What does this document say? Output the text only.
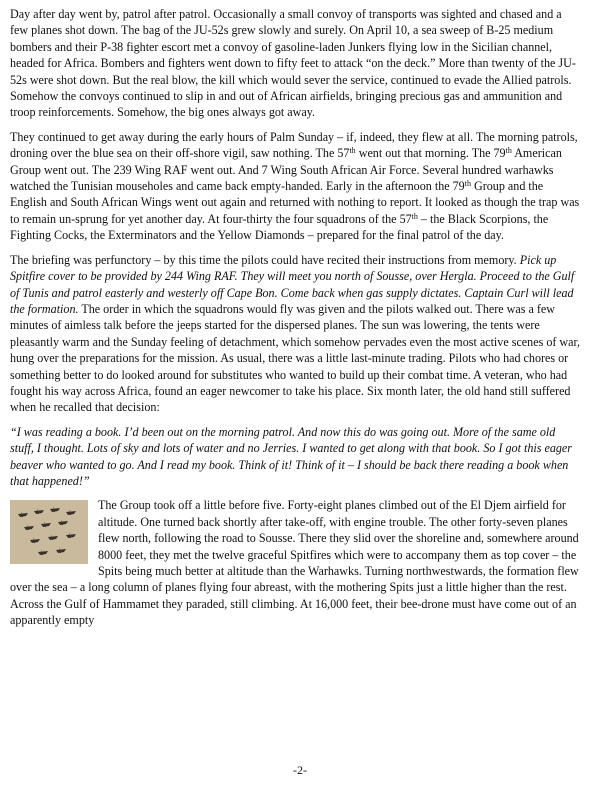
Day after day went by, patrol after patrol. Occasionally a small convoy of transports was sighted and chased and a few planes shot down. The bag of the JU-52s grew slowly and surely. On April 10, a sea sweep of B-25 medium bombers and their P-38 fighter escort met a convoy of gasoline-laden Junkers flying low in the Sicilian channel, headed for Africa. Bombers and fighters went down to fifty feet to attack “on the deck.” More than twenty of the JU-52s were shot down. But the real blow, the kill which would sever the service, continued to evade the Allied patrols. Somehow the convoys continued to slip in and out of African airfields, bringing precious gas and ammunition and troop reinforcements. Somehow, the big ones always got away.

They continued to get away during the early hours of Palm Sunday – if, indeed, they flew at all. The morning patrols, droning over the blue sea on their off-shore vigil, saw nothing. The 57th went out that morning. The 79th American Group went out. The 239 Wing RAF went out. And 7 Wing South African Air Force. Several hundred warhawks watched the Tunisian mouseholes and came back empty-handed. Early in the afternoon the 79th Group and the English and South African Wings went out again and returned with nothing to report. It looked as though the trap was to remain un-sprung for yet another day. At four-thirty the four squadrons of the 57th – the Black Scorpions, the Fighting Cocks, the Exterminators and the Yellow Diamonds – prepared for the final patrol of the day.

The briefing was perfunctory – by this time the pilots could have recited their instructions from memory. Pick up Spitfire cover to be provided by 244 Wing RAF. They will meet you north of Sousse, over Hergla. Proceed to the Gulf of Tunis and patrol easterly and westerly off Cape Bon. Come back when gas supply dictates. Captain Curl will lead the formation. The order in which the squadrons would fly was given and the pilots walked out. There was a few minutes of aimless talk before the jeeps started for the dispersed planes. The sun was lowering, the tents were pleasantly warm and the Sunday feeling of detachment, which somehow pervades even the most active scenes of war, hung over the preparations for the mission. As usual, there was a little last-minute trading. Pilots who had chores or something better to do looked around for substitutes who wanted to build up their combat time. A veteran, who had fought his way across Africa, found an eager newcomer to take his place. Six month later, the old hand still suffered when he recalled that decision:

“I was reading a book. I’d been out on the morning patrol. And now this do was going out. More of the same old stuff, I thought. Lots of sky and lots of water and no Jerries. I wanted to get along with that book. So I got this eager beaver who wanted to go. And I read my book. Think of it! Think of it – I should be back there reading a book when that happened!”

The Group took off a little before five. Forty-eight planes climbed out of the El Djem airfield for altitude. One turned back shortly after take-off, with engine trouble. The other forty-seven planes flew north, following the road to Sousse. There they slid over the shoreline and, somewhere around 8000 feet, they met the twelve graceful Spitfires which were to accompany them as top cover – the Spits being much better at altitude than the Warhawks. Turning northwestwards, the formation flew over the sea – a long column of planes flying four abreast, with the mothering Spits just a little higher than the rest. Across the Gulf of Hammamet they paraded, still climbing. At 16,000 feet, their bee-drone must have come out of an apparently empty

-2-
